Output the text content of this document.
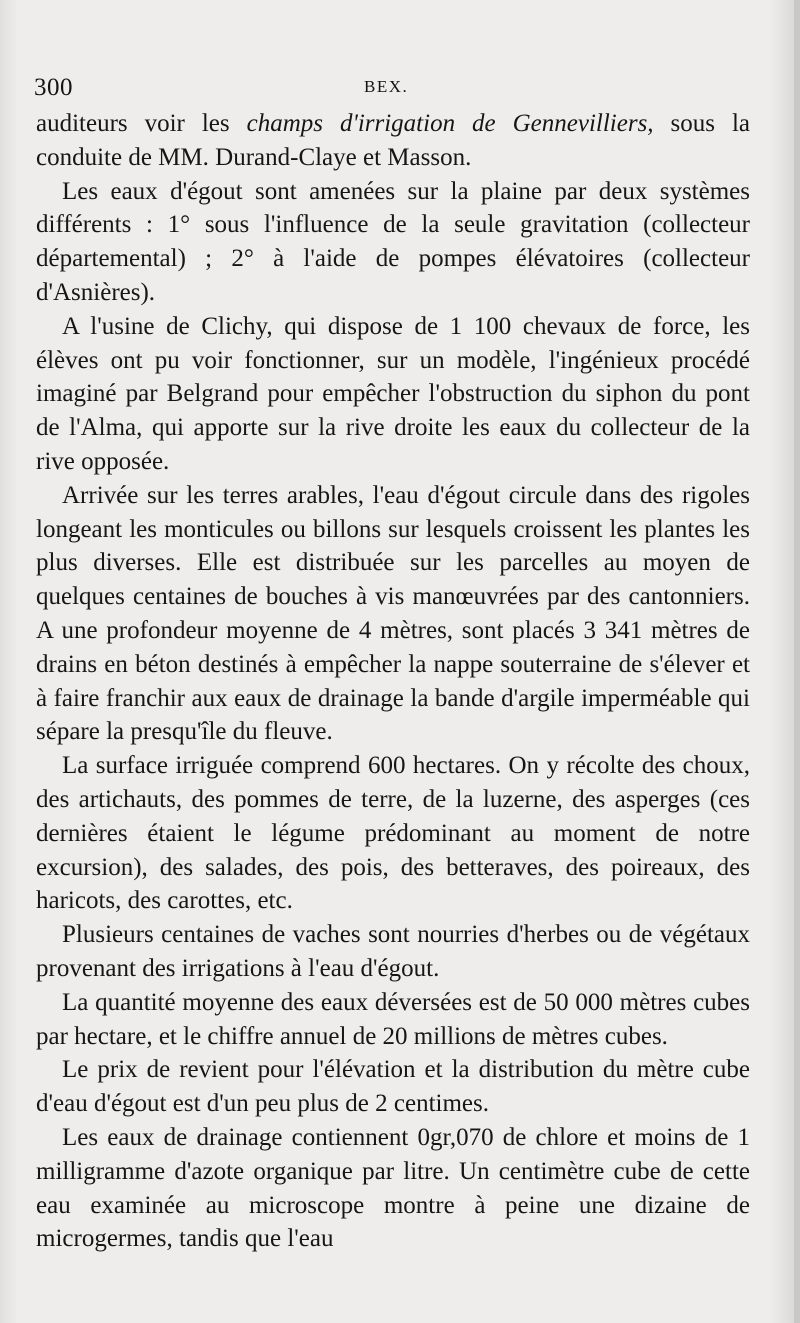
300	BEX.

auditeurs voir les champs d'irrigation de Gennevilliers, sous la conduite de MM. Durand-Claye et Masson.

Les eaux d'égout sont amenées sur la plaine par deux systèmes différents : 1° sous l'influence de la seule gravitation (collecteur départemental) ; 2° à l'aide de pompes élévatoires (collecteur d'Asnières).

A l'usine de Clichy, qui dispose de 1 100 chevaux de force, les élèves ont pu voir fonctionner, sur un modèle, l'ingénieux procédé imaginé par Belgrand pour empêcher l'obstruction du siphon du pont de l'Alma, qui apporte sur la rive droite les eaux du collecteur de la rive opposée.

Arrivée sur les terres arables, l'eau d'égout circule dans des rigoles longeant les monticules ou billons sur lesquels croissent les plantes les plus diverses. Elle est distribuée sur les parcelles au moyen de quelques centaines de bouches à vis manœuvrées par des cantonniers. A une profondeur moyenne de 4 mètres, sont placés 3 341 mètres de drains en béton destinés à empêcher la nappe souterraine de s'élever et à faire franchir aux eaux de drainage la bande d'argile imperméable qui sépare la presqu'île du fleuve.

La surface irriguée comprend 600 hectares. On y récolte des choux, des artichauts, des pommes de terre, de la luzerne, des asperges (ces dernières étaient le légume prédominant au moment de notre excursion), des salades, des pois, des betteraves, des poireaux, des haricots, des carottes, etc.

Plusieurs centaines de vaches sont nourries d'herbes ou de végétaux provenant des irrigations à l'eau d'égout.

La quantité moyenne des eaux déversées est de 50 000 mètres cubes par hectare, et le chiffre annuel de 20 millions de mètres cubes.

Le prix de revient pour l'élévation et la distribution du mètre cube d'eau d'égout est d'un peu plus de 2 centimes.

Les eaux de drainage contiennent 0gr,070 de chlore et moins de 1 milligramme d'azote organique par litre. Un centimètre cube de cette eau examinée au microscope montre à peine une dizaine de microgermes, tandis que l'eau
